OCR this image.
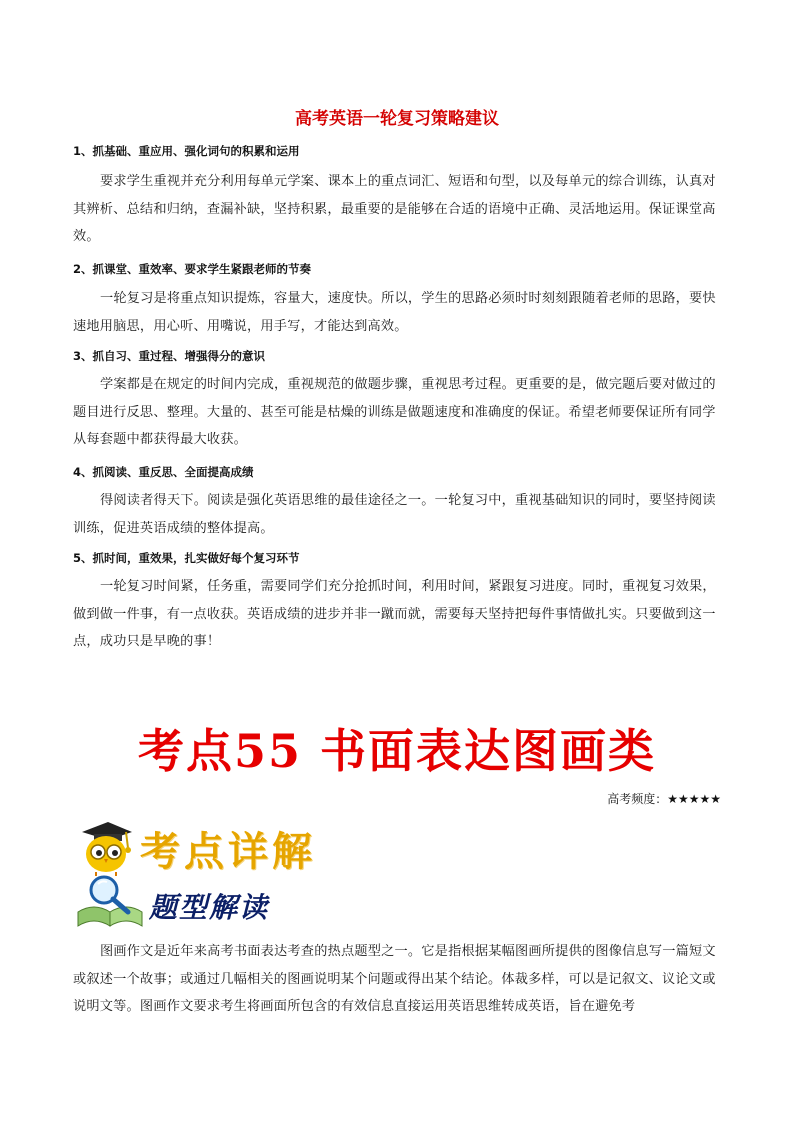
高考英语一轮复习策略建议
1、抓基础、重应用、强化词句的积累和运用
要求学生重视并充分利用每单元学案、课本上的重点词汇、短语和句型，以及每单元的综合训练，认真对其辨析、总结和归纳，查漏补缺，坚持积累，最重要的是能够在合适的语境中正确、灵活地运用。保证课堂高效。
2、抓课堂、重效率、要求学生紧跟老师的节奏
一轮复习是将重点知识提炼，容量大，速度快。所以，学生的思路必须时时刻刻跟随着老师的思路，要快速地用脑思，用心听、用嘴说，用手写，才能达到高效。
3、抓自习、重过程、增强得分的意识
学案都是在规定的时间内完成，重视规范的做题步骤，重视思考过程。更重要的是，做完题后要对做过的题目进行反思、整理。大量的、甚至可能是枯燥的训练是做题速度和准确度的保证。希望老师要保证所有同学从每套题中都获得最大收获。
4、抓阅读、重反思、全面提高成绩
得阅读者得天下。阅读是强化英语思维的最佳途径之一。一轮复习中，重视基础知识的同时，要坚持阅读训练，促进英语成绩的整体提高。
5、抓时间，重效果，扎实做好每个复习环节
一轮复习时间紧，任务重，需要同学们充分抢抓时间，利用时间，紧跟复习进度。同时，重视复习效果，做到做一件事，有一点收获。英语成绩的进步并非一蹴而就，需要每天坚持把每件事情做扎实。只要做到这一点，成功只是早晚的事！
考点55 书面表达图画类
高考频度：★★★★★
考点详解
题型解读
图画作文是近年来高考书面表达考查的热点题型之一。它是指根据某幅图画所提供的图像信息写一篇短文或叙述一个故事；或通过几幅相关的图画说明某个问题或得出某个结论。体裁多样，可以是记叙文、议论文或说明文等。图画作文要求考生将画面所包含的有效信息直接运用英语思维转成英语，旨在避免考
